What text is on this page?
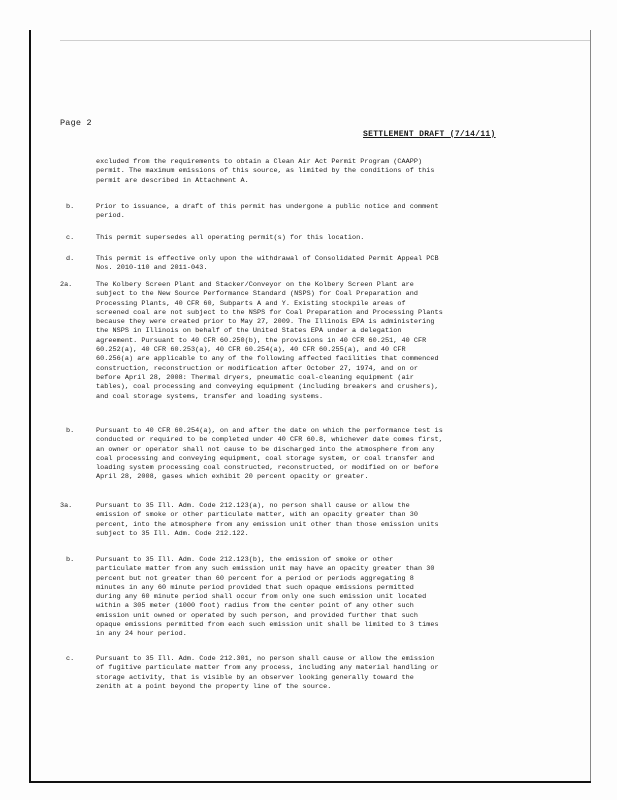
Page 2
SETTLEMENT DRAFT (7/14/11)
excluded from the requirements to obtain a Clean Air Act Permit Program (CAAPP)
permit. The maximum emissions of this source, as limited by the conditions of this
permit are described in Attachment A.
b.	Prior to issuance, a draft of this permit has undergone a public notice and comment
period.
c.	This permit supersedes all operating permit(s) for this location.
d.	This permit is effective only upon the withdrawal of Consolidated Permit Appeal PCB
Nos. 2010-110 and 2011-043.
2a.	The Kolbery Screen Plant and Stacker/Conveyor on the Kolbery Screen Plant are
subject to the New Source Performance Standard (NSPS) for Coal Preparation and
Processing Plants, 40 CFR 60, Subparts A and Y. Existing stockpile areas of
screened coal are not subject to the NSPS for Coal Preparation and Processing Plants
because they were created prior to May 27, 2009. The Illinois EPA is administering
the NSPS in Illinois on behalf of the United States EPA under a delegation
agreement. Pursuant to 40 CFR 60.250(b), the provisions in 40 CFR 60.251, 40 CFR
60.252(a), 40 CFR 60.253(a), 40 CFR 60.254(a), 40 CFR 60.255(a), and 40 CFR
60.256(a) are applicable to any of the following affected facilities that commenced
construction, reconstruction or modification after October 27, 1974, and on or
before April 28, 2008: Thermal dryers, pneumatic coal-cleaning equipment (air
tables), coal processing and conveying equipment (including breakers and crushers),
and coal storage systems, transfer and loading systems.
b.	Pursuant to 40 CFR 60.254(a), on and after the date on which the performance test is
conducted or required to be completed under 40 CFR 60.8, whichever date comes first,
an owner or operator shall not cause to be discharged into the atmosphere from any
coal processing and conveying equipment, coal storage system, or coal transfer and
loading system processing coal constructed, reconstructed, or modified on or before
April 28, 2008, gases which exhibit 20 percent opacity or greater.
3a.	Pursuant to 35 Ill. Adm. Code 212.123(a), no person shall cause or allow the
emission of smoke or other particulate matter, with an opacity greater than 30
percent, into the atmosphere from any emission unit other than those emission units
subject to 35 Ill. Adm. Code 212.122.
b.	Pursuant to 35 Ill. Adm. Code 212.123(b), the emission of smoke or other
particulate matter from any such emission unit may have an opacity greater than 30
percent but not greater than 60 percent for a period or periods aggregating 8
minutes in any 60 minute period provided that such opaque emissions permitted
during any 60 minute period shall occur from only one such emission unit located
within a 305 meter (1000 foot) radius from the center point of any other such
emission unit owned or operated by such person, and provided further that such
opaque emissions permitted from each such emission unit shall be limited to 3 times
in any 24 hour period.
c.	Pursuant to 35 Ill. Adm. Code 212.301, no person shall cause or allow the emission
of fugitive particulate matter from any process, including any material handling or
storage activity, that is visible by an observer looking generally toward the
zenith at a point beyond the property line of the source.
